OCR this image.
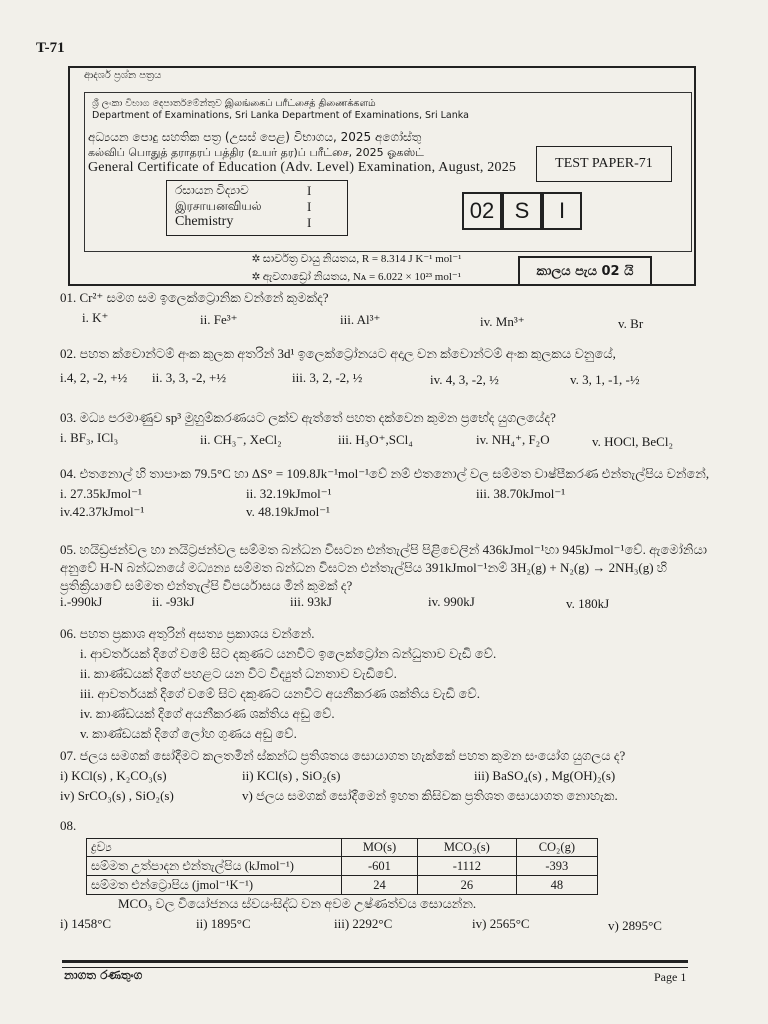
T-71
ආදර්ශ ප්‍රශ්න පත්‍රය
ශ්‍රී ලංකා විභාග දෙපාර්තමේන්තුව இலங்கைப் பரீட்சைத் திணைக்களம்
Department of Examinations, Sri Lanka Department of Examinations, Sri Lanka
අධ්‍යයන පොදු සහතික පත්‍ර (උසස් පෙළ) විභාගය, 2025 අගෝස්තු
கல்விப் பொதுத் தராதரப் பத்திர (உயர் தர)ப் பரீட்சை, 2025 ஓகஸ்ட்
General Certificate of Education (Adv. Level) Examination, August, 2025	TEST PAPER-71
රසායන විද්‍යාව	I
இரசாயனவியல்	I
Chemistry	I	02 S	I
✲ සාර්වත්‍ර වායු නියතය, R = 8.314 J K⁻¹ mol⁻¹
✲ ඇවගාඩ්‍රෝ නියතය, Nᴀ = 6.022 × 10²³ mol⁻¹	කාලය පැය 02 යි
01. Cr²⁺ සමග සම ඉලෙක්ට්‍රොනික වන්නේ කුමක්ද?
i. K⁺	ii. Fe³⁺	iii. Al³⁺	iv. Mn³⁺	v. Br
02. පහත ක්වොන්ටම් අංක කුලක අතරින් 3d¹ ඉලෙක්ට්‍රෝනයට අදාල වන ක්වොන්ටම් අංක කුලකය වනුයේ,
i.4, 2, -2, +½ ii. 3, 3, -2, +½	iii. 3, 2, -2, ½	iv. 4, 3, -2, ½	v. 3, 1, -1, -½
03. මධ්‍ය පරමාණුව sp³ මුහුම්කරණයට ලක්ව ඇත්තේ පහත දක්වෙන කුමන ප්‍රභේද යුගලයේද?
i. BF₃, ICl₃	ii. CH₃⁻, XeCl₂	iii. H₃O⁺,SCl₄	iv. NH₄⁺, F₂O	v. HOCl, BeCl₂
04. එතනොල් හි තාපාංක 79.5°C හා ΔS° = 109.8Jk⁻¹mol⁻¹වේ නම් එතනොල් වල සම්මත වාෂ්පීකරණ එන්තැල්පිය වන්නේ,
i. 27.35kJmol⁻¹	ii. 32.19kJmol⁻¹	iii. 38.70kJmol⁻¹
iv.42.37kJmol⁻¹	v. 48.19kJmol⁻¹
05. හයිඩ්‍රජන්වල හා නයිට්‍රජන්වල සම්මත බන්ධන විඝටන එන්තැල්පි පිළිවෙලින් 436kJmol⁻¹හා 945kJmol⁻¹වේ. ඇමෝනියා
අනුවේ H-N බන්ධනයේ මධ්‍යන්‍ය සම්මත බන්ධන විඝටන එන්තැල්පිය 391kJmol⁻¹නම් 3H₂(g) + N₂(g) → 2NH₃(g) හි
ප්‍රතික්‍රියාවේ සම්මත එන්තැල්පි විපර්යාසය මින් කුමක් ද?
i.-990kJ	ii. -93kJ	iii. 93kJ	iv. 990kJ	v. 180kJ
06. පහත ප්‍රකාශ අතුරින් අසත්‍ය ප්‍රකාශය වන්නේ.
i. ආවර්තයක් දිගේ වමේ සිට දකුණට යනවිට ඉලෙක්ට්‍රෝන බන්ධුතාව වැඩි වේ.
ii. කාණ්ඩයක් දිගේ පහළට යන විට විද්‍යුත් ධනතාව වැඩිවේ.
iii. ආවර්තයක් දිගේ වමේ සිට දකුණට යනවිට අයනීකරණ ශක්තිය වැඩි වේ.
iv. කාණ්ඩයක් දිගේ අයනීකරණ ශක්තිය අඩු වේ.
v. කාණ්ඩයක් දිගේ ලෝහ ගුණය අඩු වේ.
07. ජලය සමගක් සෝදීමට කලතමින් ස්කන්ධ ප්‍රතිශතය සොයාගත හැක්කේ පහත කුමන සංයෝග යුගලය ද?
i) KCl(s) , K₂CO₃(s)	ii) KCl(s) , SiO₂(s)	iii) BaSO₄(s) , Mg(OH)₂(s)
iv) SrCO₃(s) , SiO₂(s)	v) ජලය සමගක් සෝදීමෙන් ඉහත කිසිවක ප්‍රතිශත සොයාගත නොහැක.
08.
ද්‍රව්‍ය	MO(s)	MCO₃(s)	CO₂(g)
සම්මත උත්පාදන එන්තැල්පිය (kJmol⁻¹)	-601	-1112	-393
සම්මත එන්ට්‍රොපිය (jmol⁻¹K⁻¹)	24	26	48
MCO₃ වල වියෝජනය ස්වයංසිද්ධ වන අවම උෂ්ණත්වය සොයන්න.
i) 1458°C	ii) 1895°C	iii) 2292°C	iv) 2565°C	v) 2895°C
නාගත රණතුංග	Page 1
